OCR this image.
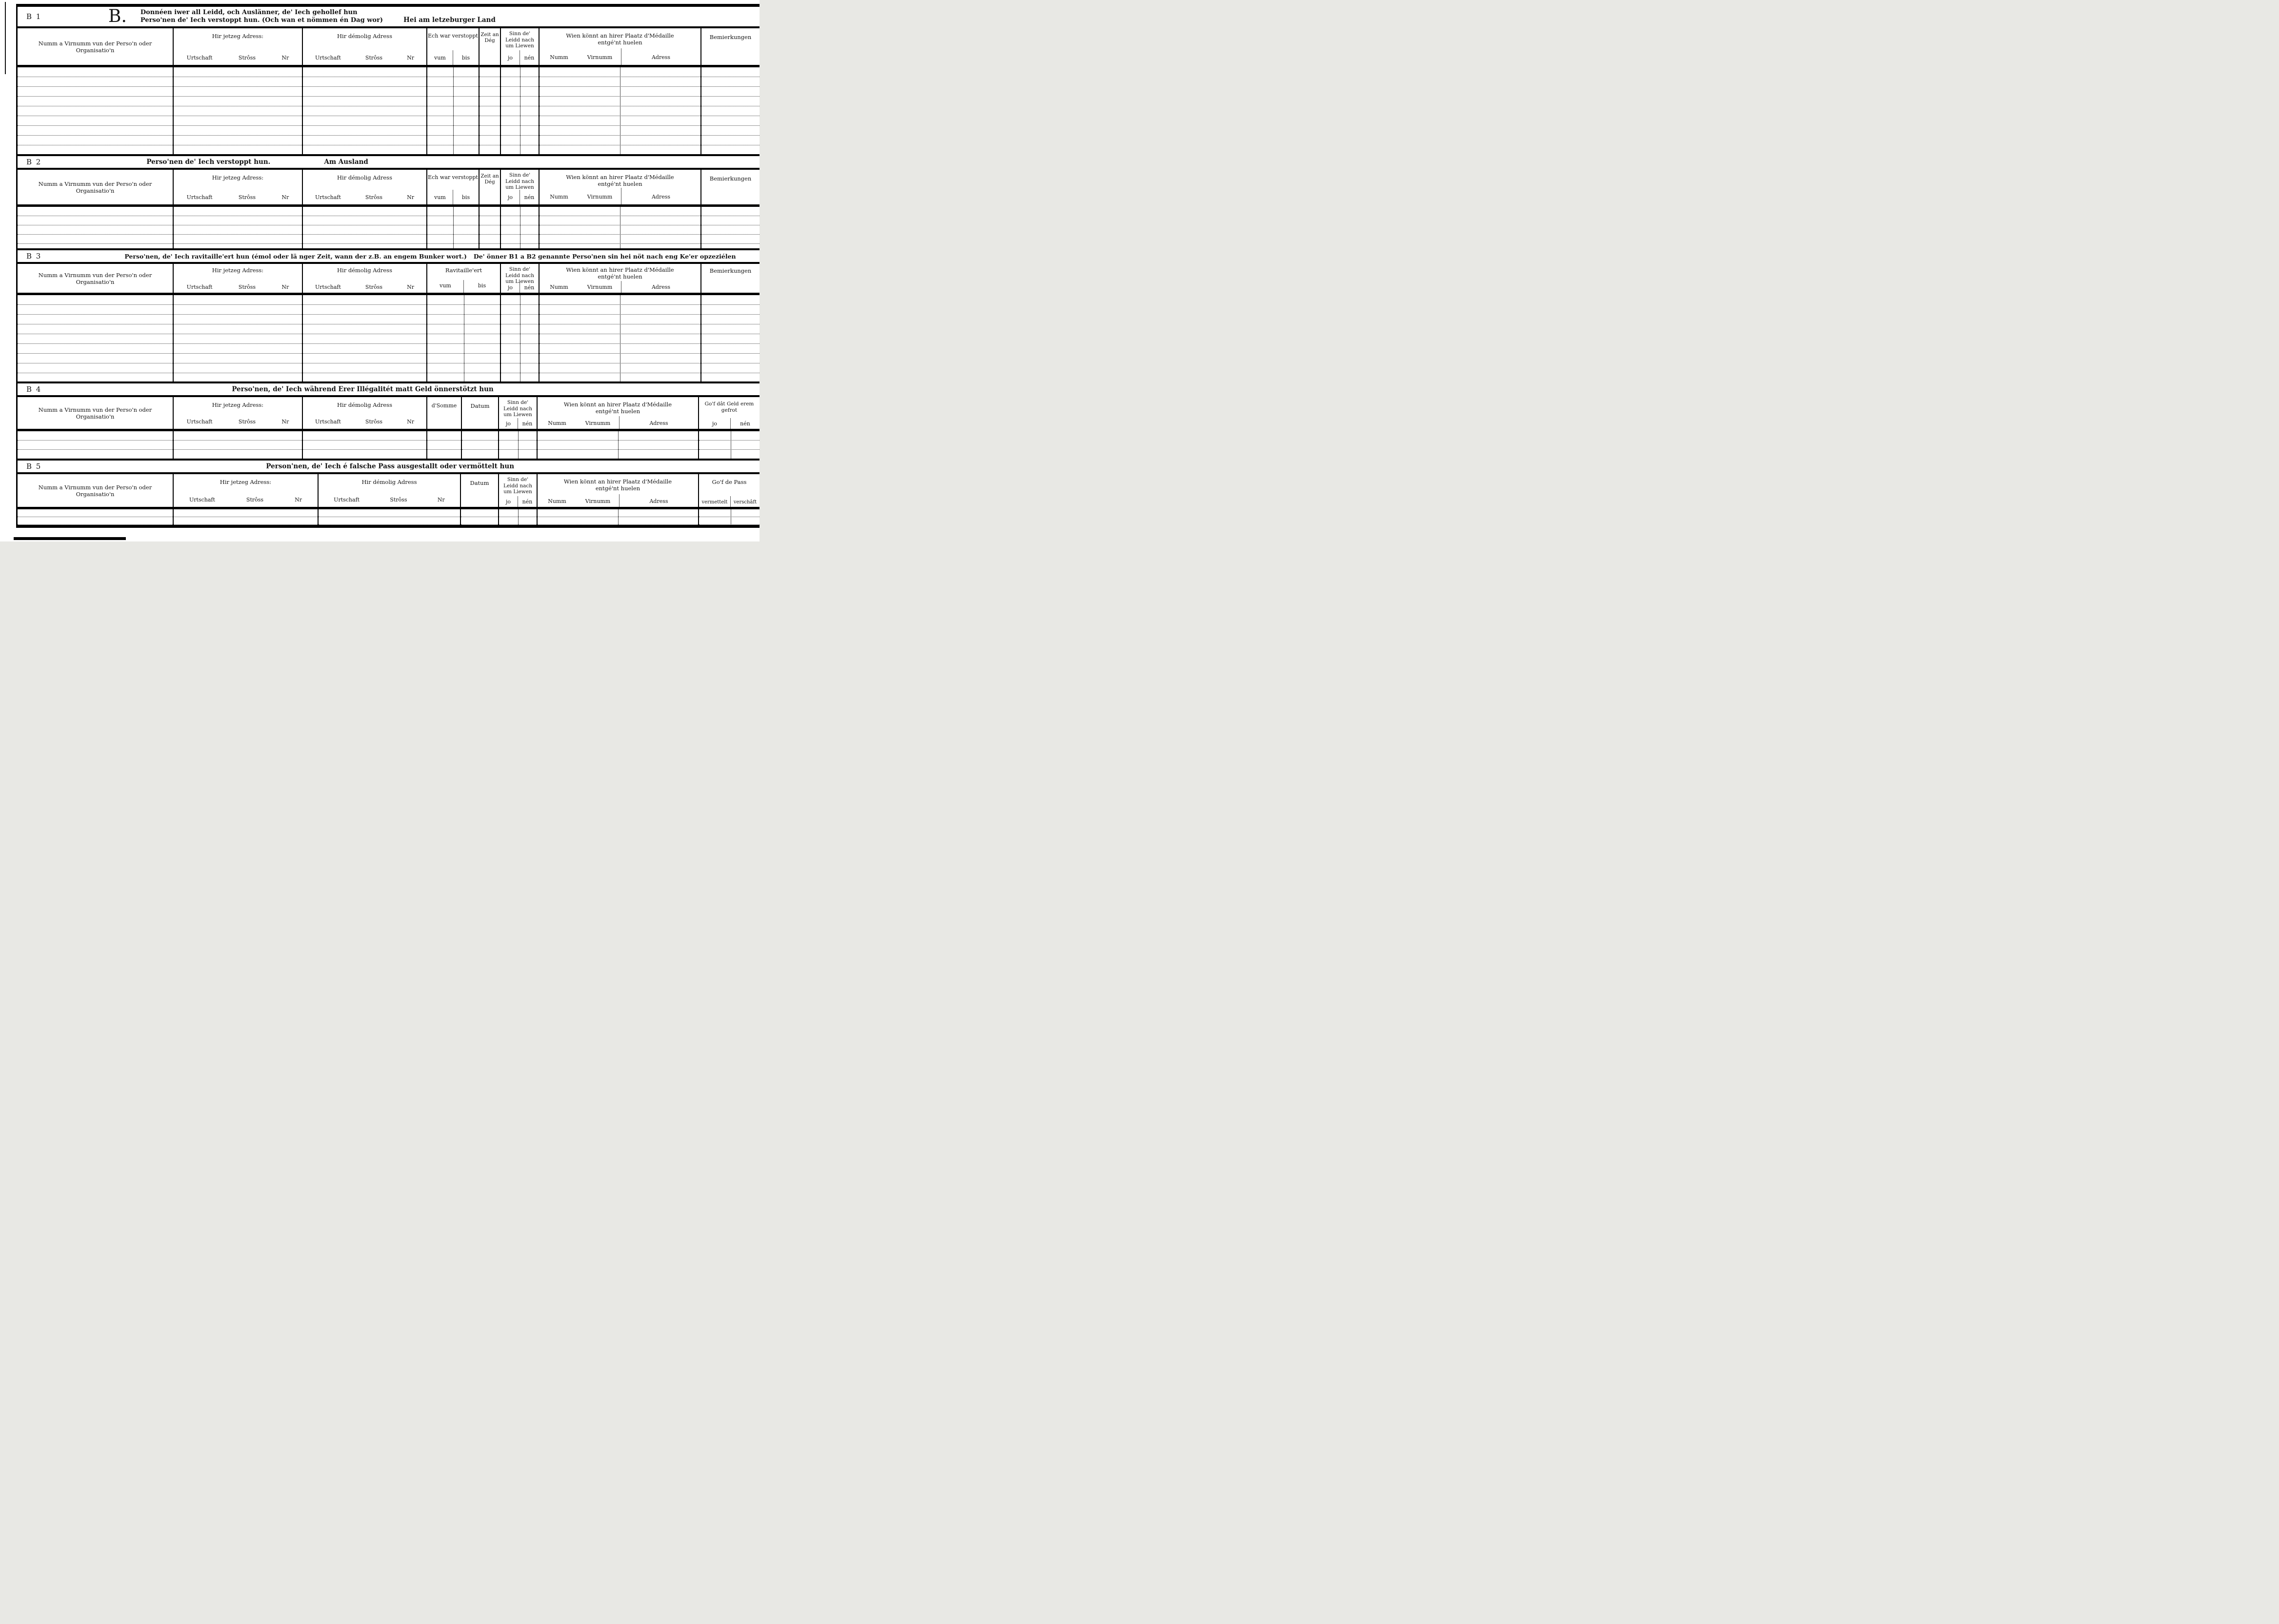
B 1	B. Donnéen iwer all Leidd, och Auslänner, de' Iech gehollef hun
Perso'nen de' Iech verstoppt hun. (Och wan et nömmen én Dag wor)	Hei am letzeburger Land
Numm a Virnumm vun der Perso'n oder Organisatio'n
Hir jetzeg Adress:
Urtschaft	Strôss	Nr
Hir démolig Adress
Urtschaft	Strôss	Nr
Ech war verstoppt
vum	bis
Zeit an Dég
Sinn de' Leidd nach um Liewen
jo	nén
Wien könnt an hirer Plaatz d'Médaille entgé'nt huelen
Numm	Virnumm	Adress
Bemierkungen
B 2	Perso'nen de' Iech verstoppt hun.	Am Ausland
Numm a Virnumm vun der Perso'n oder Organisatio'n
Hir jetzeg Adress:
Urtschaft	Strôss	Nr
Hir démolig Adress
Urtschaft	Strôss	Nr
Ech war verstoppt
vum	bis
Zeit an Dég
Sinn de' Leidd nach um Liewen
jo	nén
Wien könnt an hirer Plaatz d'Médaille entgé'nt huelen
Numm	Virnumm	Adress
Bemierkungen
B 3	Perso'nen, de' Iech ravitaille'ert hun (émol oder lä nger Zeit, wann der z.B. an engem Bunker wort.) De' önner B1 a B2 genannte Perso'nen sin hei nöt nach eng Ke'er opzeziélen
Numm a Virnumm vun der Perso'n oder Organisatio'n
Hir jetzeg Adress:
Urtschaft	Strôss	Nr
Hir démolig Adress
Urtschaft	Strôss	Nr
Ravitaille'ert
vum	bis
Sinn de' Leidd nach um Liewen
jo	nén
Wien könnt an hirer Plaatz d'Médaille entgé'nt huelen
Numm	Virnumm	Adress
Bemierkungen
B 4	Perso'nen, de' Iech während Erer Illégalitét matt Geld önnerstötzt hun
Numm a Virnumm vun der Perso'n oder Organisatio'n
Hir jetzeg Adress:
Urtschaft	Strôss	Nr
Hir démolig Adress
Urtschaft	Strôss	Nr
d'Somme	Datum	Sinn de' Leidd nach um Liewen
jo	nén
Wien könnt an hirer Plaatz d'Médaille entgé'nt huelen
Numm	Virnumm	Adress
Go'f dât Geld erem gefrot
jo	nén
B 5	Person'nen, de' Iech é falsche Pass ausgestallt oder vermöttelt hun
Numm a Virnumm vun der Perso'n oder Organisatio'n
Hir jetzeg Adress:
Urtschaft	Strôss	Nr
Hir démolig Adress
Urtschaft	Strôss	Nr
Datum	Sinn de' Leidd nach um Liewen
jo	nén
Wien könnt an hirer Plaatz d'Médaille entgé'nt huelen
Numm	Virnumm	Adress
Go'f de Pass
vermettelt	verschâft
